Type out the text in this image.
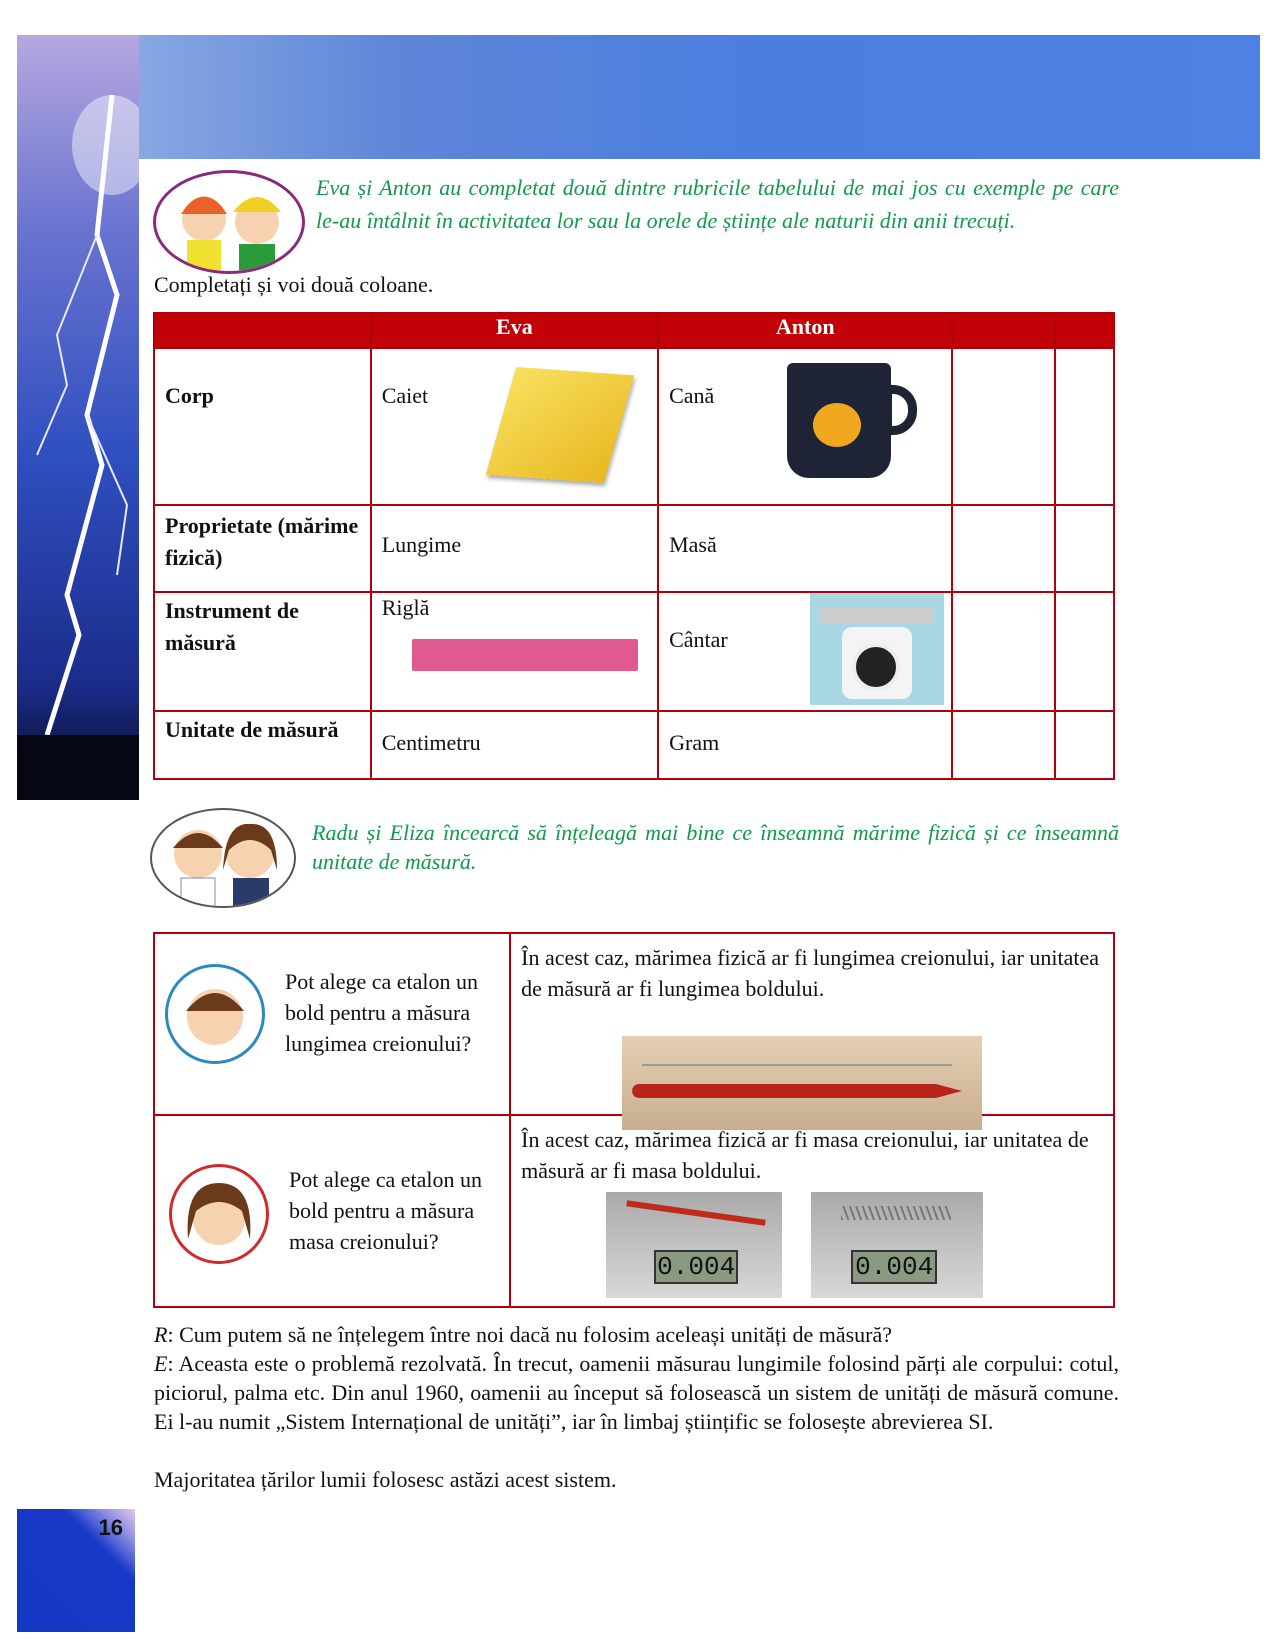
Eva și Anton au completat două dintre rubricile tabelului de mai jos cu exemple pe care le-au întâlnit în activitatea lor sau la orele de științe ale naturii din anii trecuți.

Completați și voi două coloane.

	Eva	Anton		
Corp	Caiet	Cană

Proprietate (mărime fizică)	Lungime	Masă		
Instrument de măsură	Riglă	Cântar

Unitate de măsură	Centimetru	Gram		

Radu și Eliza încearcă să înțeleagă mai bine ce înseamnă mărime fizică și ce înseamnă unitate de măsură.

Pot alege ca etalon un bold pentru a măsura lungimea creionului?	În acest caz, mărimea fizică ar fi lungimea creionului, iar unitatea de măsură ar fi lungimea boldului.

Pot alege ca etalon un bold pentru a măsura masa creionului?	În acest caz, mărimea fizică ar fi masa creionului, iar unitatea de măsură ar fi masa boldului.

0.004 0.004

R: Cum putem să ne înțelegem între noi dacă nu folosim aceleași unități de măsură?

E: Aceasta este o problemă rezolvată. În trecut, oamenii măsurau lungimile folosind părți ale corpului: cotul, piciorul, palma etc. Din anul 1960, oamenii au început să folosească un sistem de unități de măsură comune. Ei l-au numit „Sistem Internațional de unități”, iar în limbaj științific se folosește abrevierea SI.

Majoritatea țărilor lumii folosesc astăzi acest sistem.

16
